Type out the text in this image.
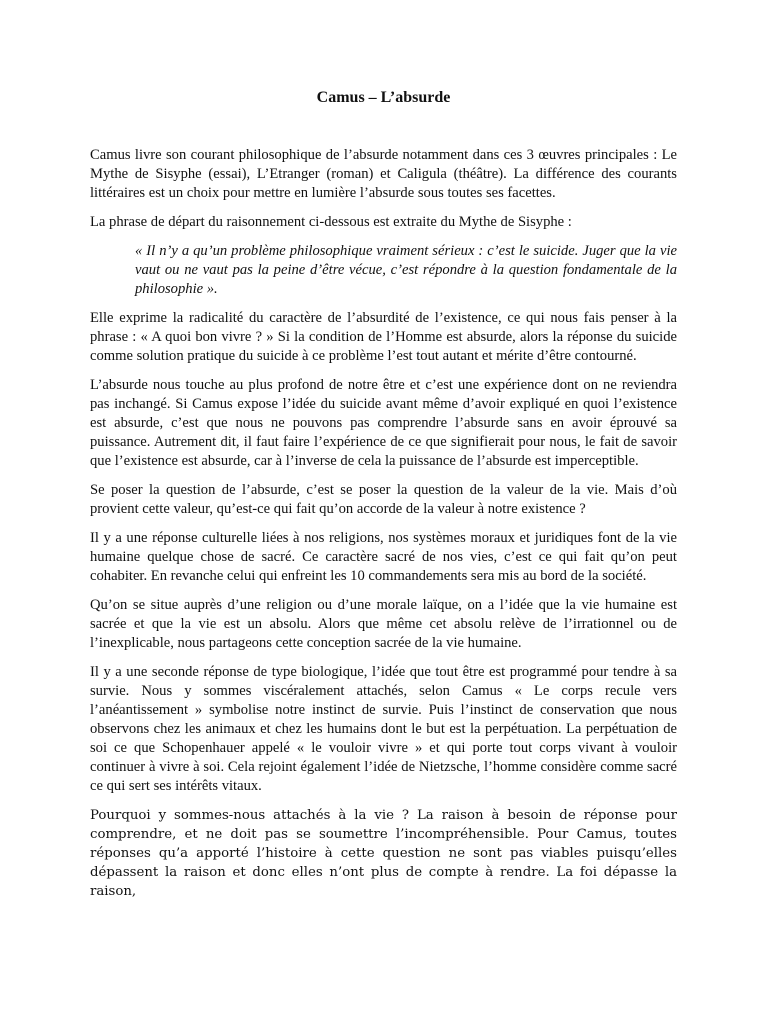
Camus – L’absurde

Camus livre son courant philosophique de l’absurde notamment dans ces 3 œuvres principales : Le Mythe de Sisyphe (essai), L’Etranger (roman) et Caligula (théâtre). La différence des courants littéraires est un choix pour mettre en lumière l’absurde sous toutes ses facettes.

La phrase de départ du raisonnement ci-dessous est extraite du Mythe de Sisyphe :

« Il n’y a qu’un problème philosophique vraiment sérieux : c’est le suicide. Juger que la vie vaut ou ne vaut pas la peine d’être vécue, c’est répondre à la question fondamentale de la philosophie ».

Elle exprime la radicalité du caractère de l’absurdité de l’existence, ce qui nous fais penser à la phrase : « A quoi bon vivre ? » Si la condition de l’Homme est absurde, alors la réponse du suicide comme solution pratique du suicide à ce problème l’est tout autant et mérite d’être contourné.

L’absurde nous touche au plus profond de notre être et c’est une expérience dont on ne reviendra pas inchangé. Si Camus expose l’idée du suicide avant même d’avoir expliqué en quoi l’existence est absurde, c’est que nous ne pouvons pas comprendre l’absurde sans en avoir éprouvé sa puissance. Autrement dit, il faut faire l’expérience de ce que signifierait pour nous, le fait de savoir que l’existence est absurde, car à l’inverse de cela la puissance de l’absurde est imperceptible.

Se poser la question de l’absurde, c’est se poser la question de la valeur de la vie. Mais d’où provient cette valeur, qu’est-ce qui fait qu’on accorde de la valeur à notre existence ?

Il y a une réponse culturelle liées à nos religions, nos systèmes moraux et juridiques font de la vie humaine quelque chose de sacré. Ce caractère sacré de nos vies, c’est ce qui fait qu’on peut cohabiter. En revanche celui qui enfreint les 10 commandements sera mis au bord de la société.

Qu’on se situe auprès d’une religion ou d’une morale laïque, on a l’idée que la vie humaine est sacrée et que la vie est un absolu. Alors que même cet absolu relève de l’irrationnel ou de l’inexplicable, nous partageons cette conception sacrée de la vie humaine.

Il y a une seconde réponse de type biologique, l’idée que tout être est programmé pour tendre à sa survie. Nous y sommes viscéralement attachés, selon Camus « Le corps recule vers l’anéantissement » symbolise notre instinct de survie. Puis l’instinct de conservation que nous observons chez les animaux et chez les humains dont le but est la perpétuation. La perpétuation de soi ce que Schopenhauer appelé « le vouloir vivre » et qui porte tout corps vivant à vouloir continuer à vivre à soi. Cela rejoint également l’idée de Nietzsche, l’homme considère comme sacré ce qui sert ses intérêts vitaux.

Pourquoi y sommes-nous attachés à la vie ? La raison à besoin de réponse pour comprendre, et ne doit pas se soumettre l’incompréhensible. Pour Camus, toutes réponses qu’a apporté l’histoire à cette question ne sont pas viables puisqu’elles dépassent la raison et donc elles n’ont plus de compte à rendre. La foi dépasse la raison,
